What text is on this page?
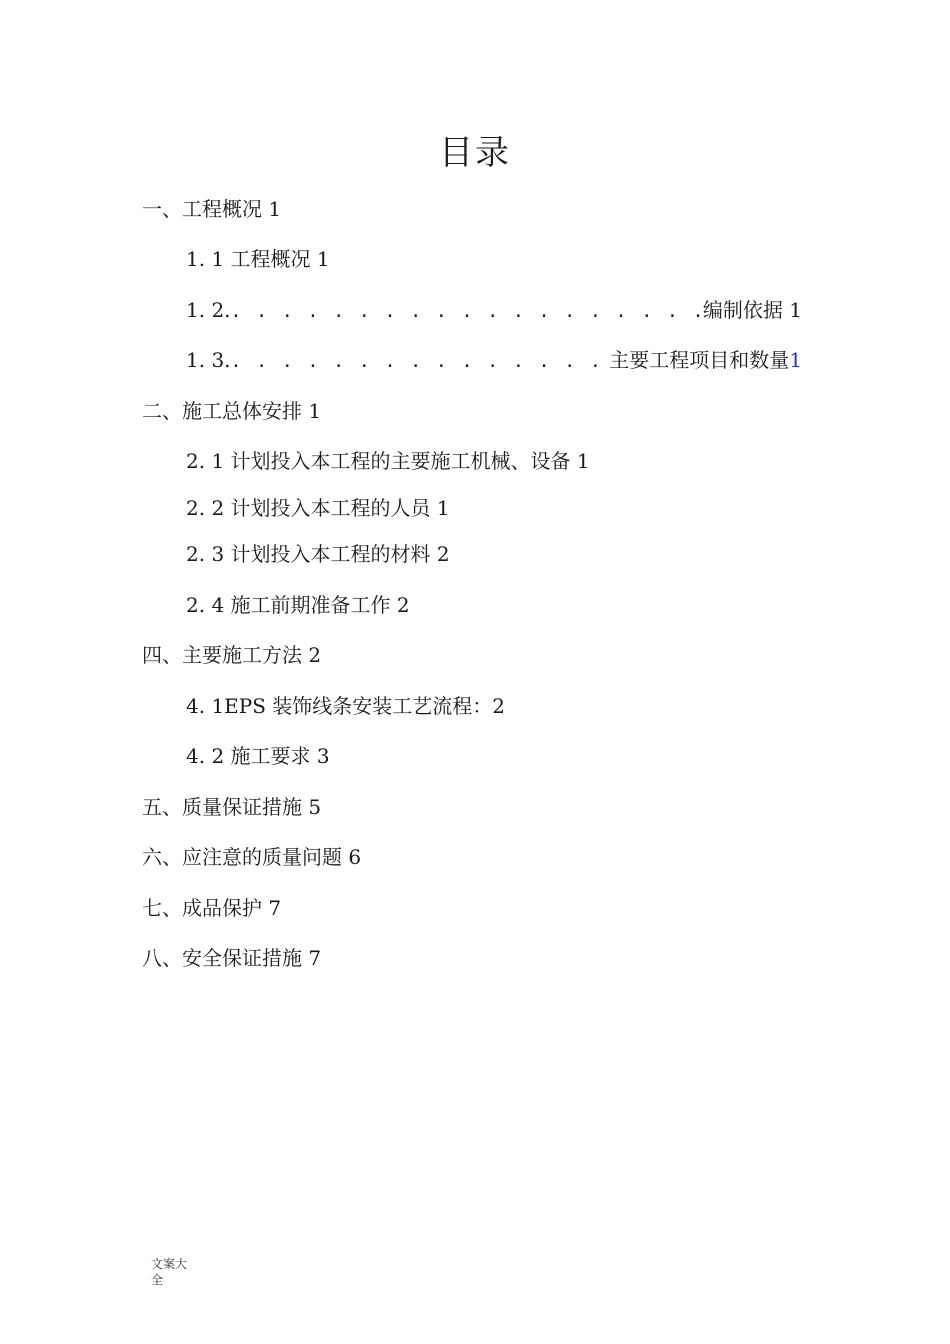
目录
一、工程概况 1
1. 1 工程概况 1
1. 2. . . .	编制依据 1
1. 3. . . .	主要工程项目和数量1
二、施工总体安排 1
2. 1 计划投入本工程的主要施工机械、设备 1
2. 2 计划投入本工程的人员 1
2. 3 计划投入本工程的材料 2
2. 4 施工前期准备工作 2
四、主要施工方法 2
4. 1EPS 装饰线条安装工艺流程：2
4. 2 施工要求 3
五、质量保证措施 5
六、应注意的质量问题 6
七、成品保护 7
八、安全保证措施 7
文案大全
